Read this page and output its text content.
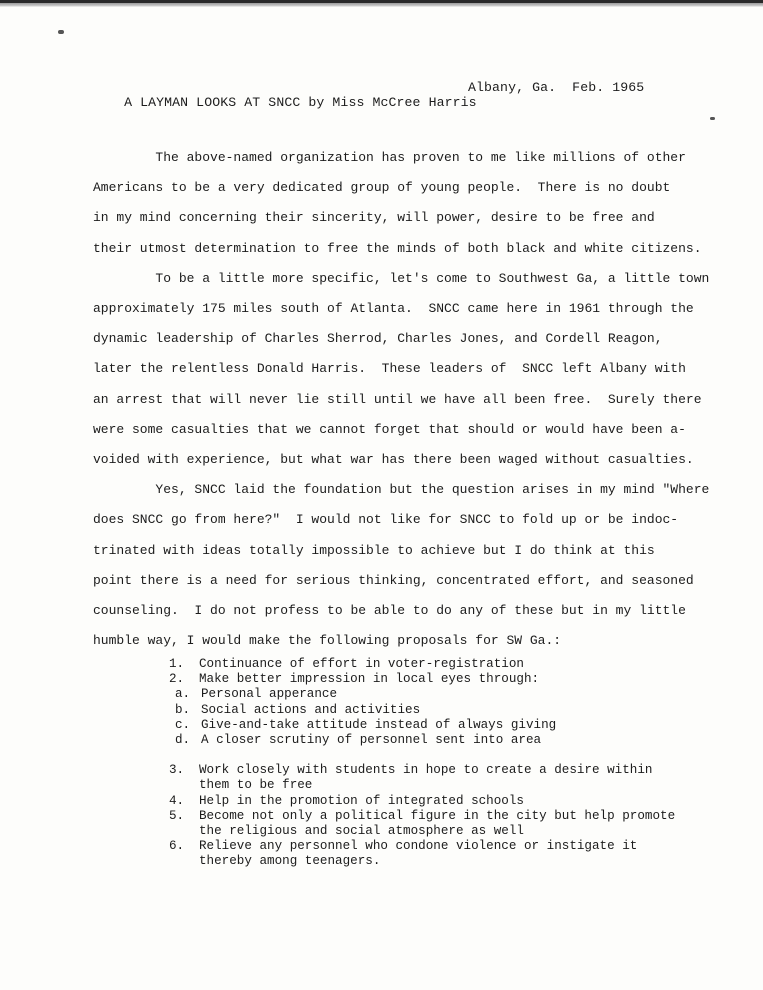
A LAYMAN LOOKS AT SNCC by Miss McCree Harris

Albany, Ga.  Feb. 1965

The above-named organization has proven to me like millions of other

Americans to be a very dedicated group of young people.  There is no doubt

in my mind concerning their sincerity, will power, desire to be free and

their utmost determination to free the minds of both black and white citizens.

To be a little more specific, let's come to Southwest Ga, a little town

approximately 175 miles south of Atlanta.  SNCC came here in 1961 through the

dynamic leadership of Charles Sherrod, Charles Jones, and Cordell Reagon,

later the relentless Donald Harris.  These leaders of  SNCC left Albany with

an arrest that will never lie still until we have all been free.  Surely there

were some casualties that we cannot forget that should or would have been a-

voided with experience, but what war has there been waged without casualties.

Yes, SNCC laid the foundation but the question arises in my mind "Where

does SNCC go from here?"  I would not like for SNCC to fold up or be indoc-

trinated with ideas totally impossible to achieve but I do think at this

point there is a need for serious thinking, concentrated effort, and seasoned

counseling.  I do not profess to be able to do any of these but in my little

humble way, I would make the following proposals for SW Ga.:

1. Continuance of effort in voter-registration
2.	Make better impression in local eyes through:
a. Personal apperance
b. Social actions and activities
c. Give-and-take attitude instead of always giving
d. A closer scrutiny of personnel sent into area
3. Work closely with students in hope to create a desire within
them to be free
4. Help in the promotion of integrated schools
5. Become not only a political figure in the city but help promote
the religious and social atmosphere as well
6. Relieve any personnel who condone violence or instigate it
thereby among teenagers.
